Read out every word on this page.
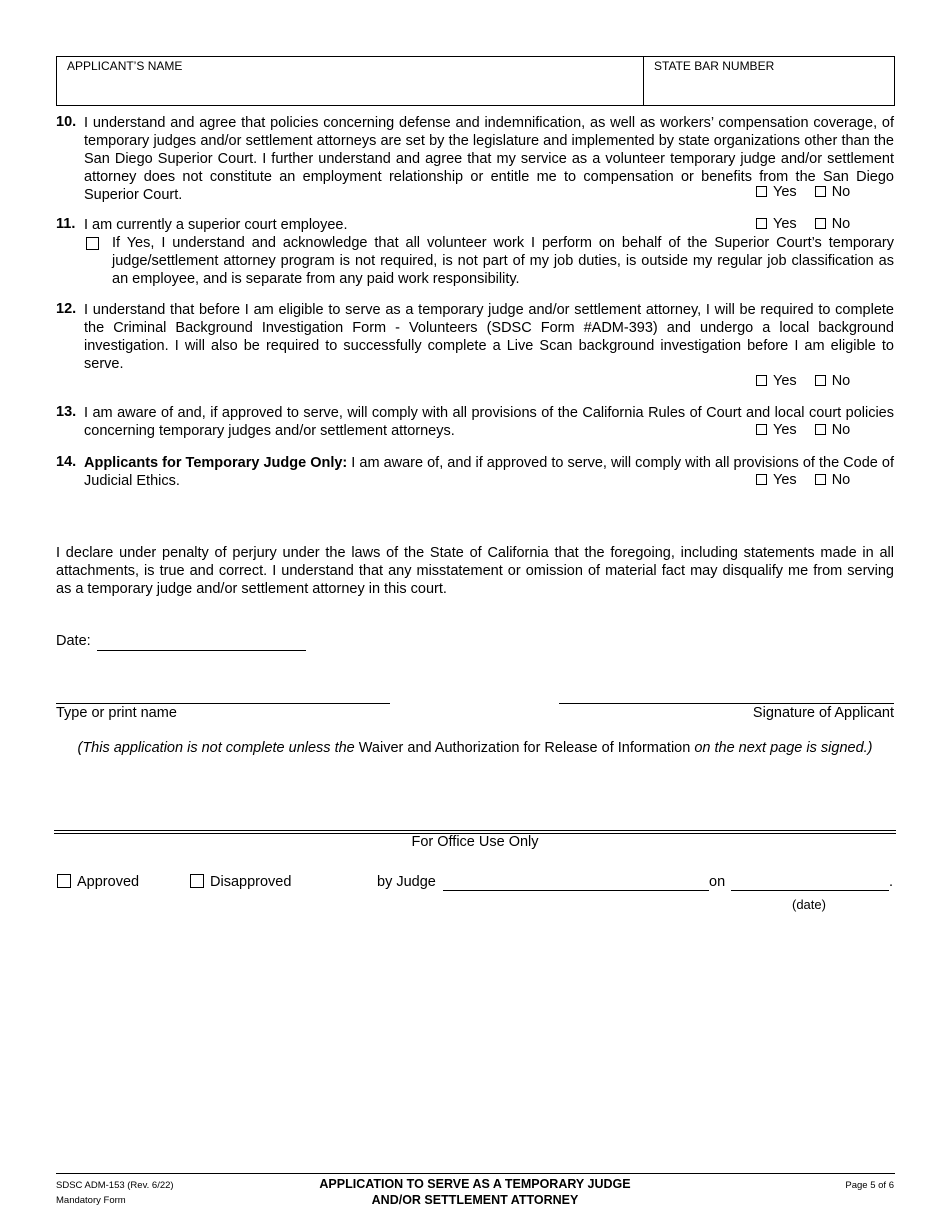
APPLICANT’S NAME	STATE BAR NUMBER
10. I understand and agree that policies concerning defense and indemnification, as well as workers’ compensation coverage, of temporary judges and/or settlement attorneys are set by the legislature and implemented by state organizations other than the San Diego Superior Court. I further understand and agree that my service as a volunteer temporary judge and/or settlement attorney does not constitute an employment relationship or entitle me to compensation or benefits from the San Diego Superior Court.	Yes No
11. I am currently a superior court employee.	Yes No
If Yes, I understand and acknowledge that all volunteer work I perform on behalf of the Superior Court’s temporary judge/settlement attorney program is not required, is not part of my job duties, is outside my regular job classification as an employee, and is separate from any paid work responsibility.
12. I understand that before I am eligible to serve as a temporary judge and/or settlement attorney, I will be required to complete the Criminal Background Investigation Form - Volunteers (SDSC Form #ADM-393) and undergo a local background investigation. I will also be required to successfully complete a Live Scan background investigation before I am eligible to serve.
Yes No
13. I am aware of and, if approved to serve, will comply with all provisions of the California Rules of Court and local court policies concerning temporary judges and/or settlement attorneys.	Yes No
14. Applicants for Temporary Judge Only: I am aware of, and if approved to serve, will comply with all provisions of the Code of Judicial Ethics.	Yes No
I declare under penalty of perjury under the laws of the State of California that the foregoing, including statements made in all attachments, is true and correct. I understand that any misstatement or omission of material fact may disqualify me from serving as a temporary judge and/or settlement attorney in this court.
Date:
Type or print name	Signature of Applicant
(This application is not complete unless the Waiver and Authorization for Release of Information on the next page is signed.)
For Office Use Only
Approved	Disapproved	by Judge	on	.
(date)
SDSC ADM-153 (Rev. 6/22)
Mandatory Form
APPLICATION TO SERVE AS A TEMPORARY JUDGE
AND/OR SETTLEMENT ATTORNEY
Page 5 of 6
